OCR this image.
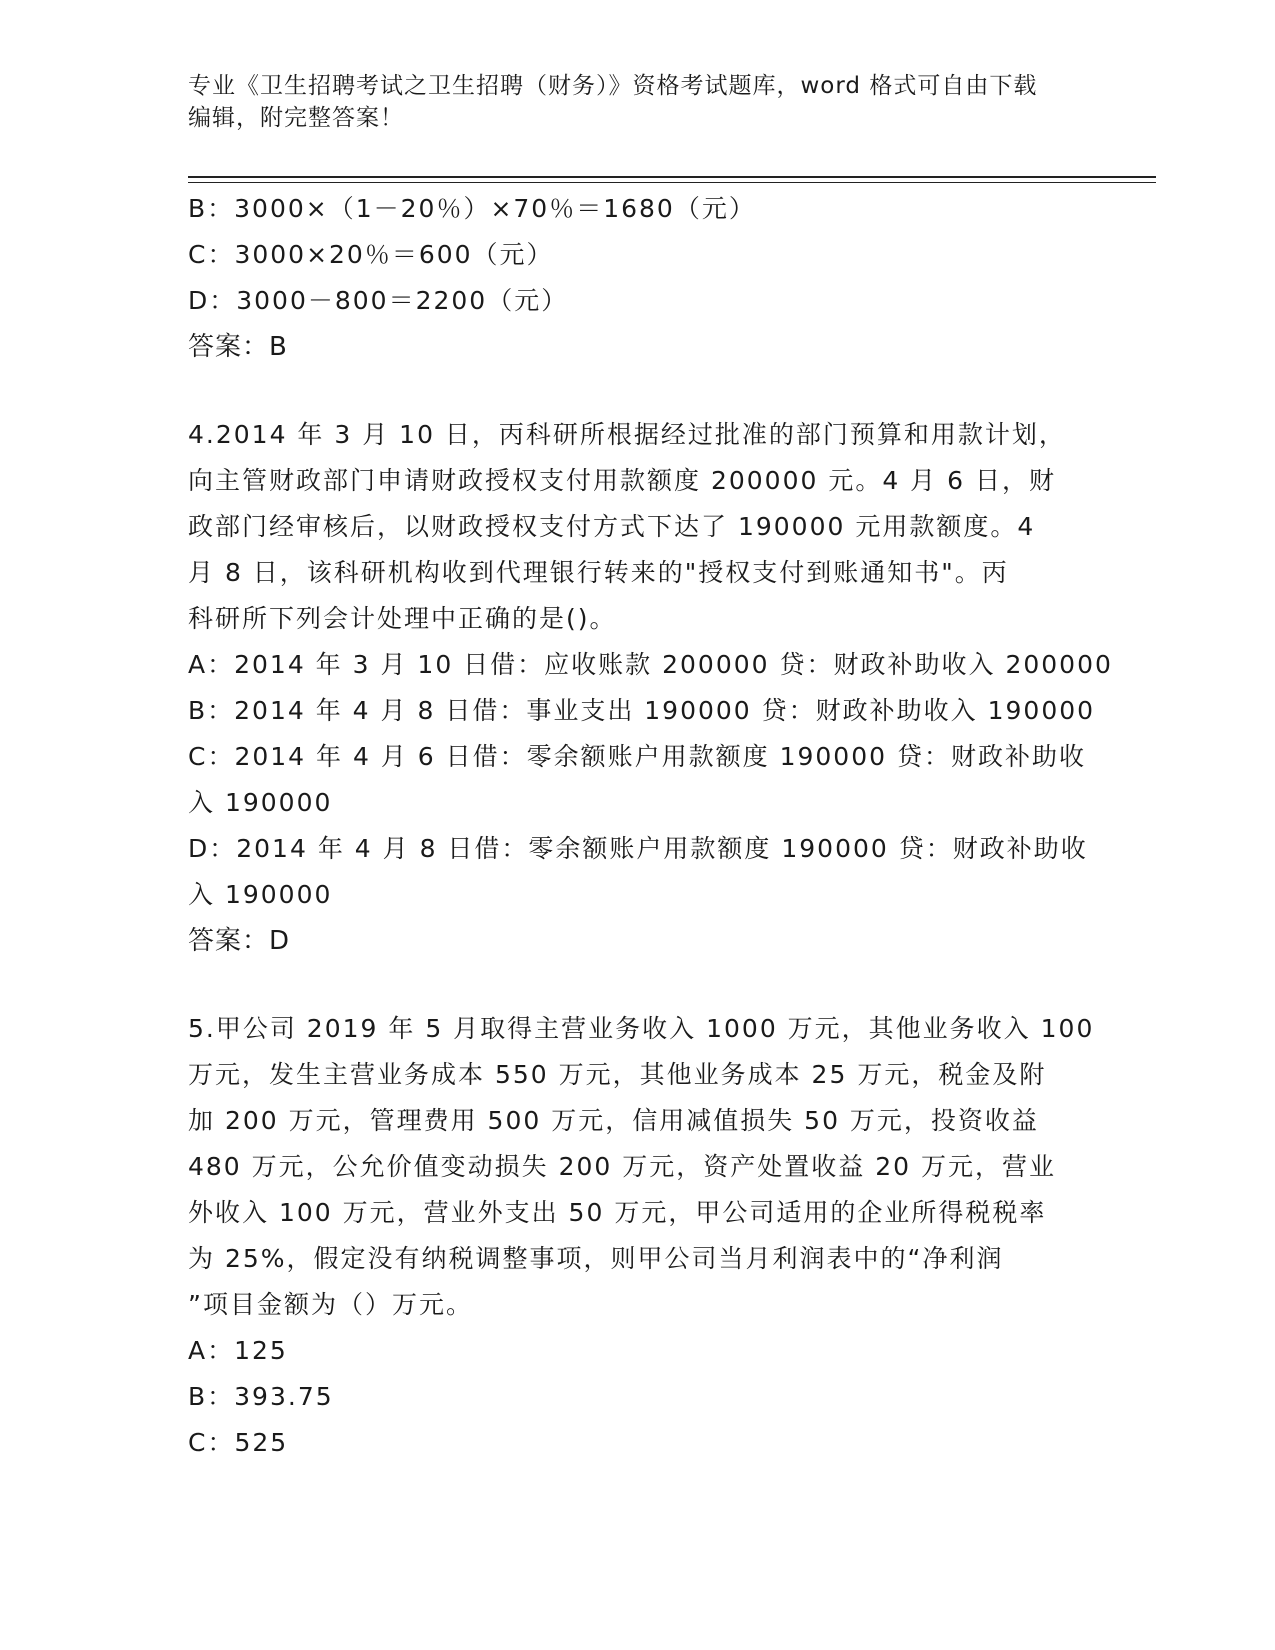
专业《卫生招聘考试之卫生招聘（财务）》资格考试题库，word 格式可自由下载
编辑，附完整答案！
B：3000×（1－20％）×70％＝1680（元）
C：3000×20％＝600（元）
D：3000－800＝2200（元）
答案：B
4.2014 年 3 月 10 日，丙科研所根据经过批准的部门预算和用款计划，
向主管财政部门申请财政授权支付用款额度 200000 元。4 月 6 日，财
政部门经审核后，以财政授权支付方式下达了 190000 元用款额度。4
月 8 日，该科研机构收到代理银行转来的"授权支付到账通知书"。丙
科研所下列会计处理中正确的是()。
A：2014 年 3 月 10 日借：应收账款 200000 贷：财政补助收入 200000
B：2014 年 4 月 8 日借：事业支出 190000 贷：财政补助收入 190000
C：2014 年 4 月 6 日借：零余额账户用款额度 190000 贷：财政补助收
入 190000
D：2014 年 4 月 8 日借：零余额账户用款额度 190000 贷：财政补助收
入 190000
答案：D
5.甲公司 2019 年 5 月取得主营业务收入 1000 万元，其他业务收入 100
万元，发生主营业务成本 550 万元，其他业务成本 25 万元，税金及附
加 200 万元，管理费用 500 万元，信用减值损失 50 万元，投资收益
480 万元，公允价值变动损失 200 万元，资产处置收益 20 万元，营业
外收入 100 万元，营业外支出 50 万元，甲公司适用的企业所得税税率
为 25%，假定没有纳税调整事项，则甲公司当月利润表中的“净利润
”项目金额为（）万元。
A：125
B：393.75
C：525
